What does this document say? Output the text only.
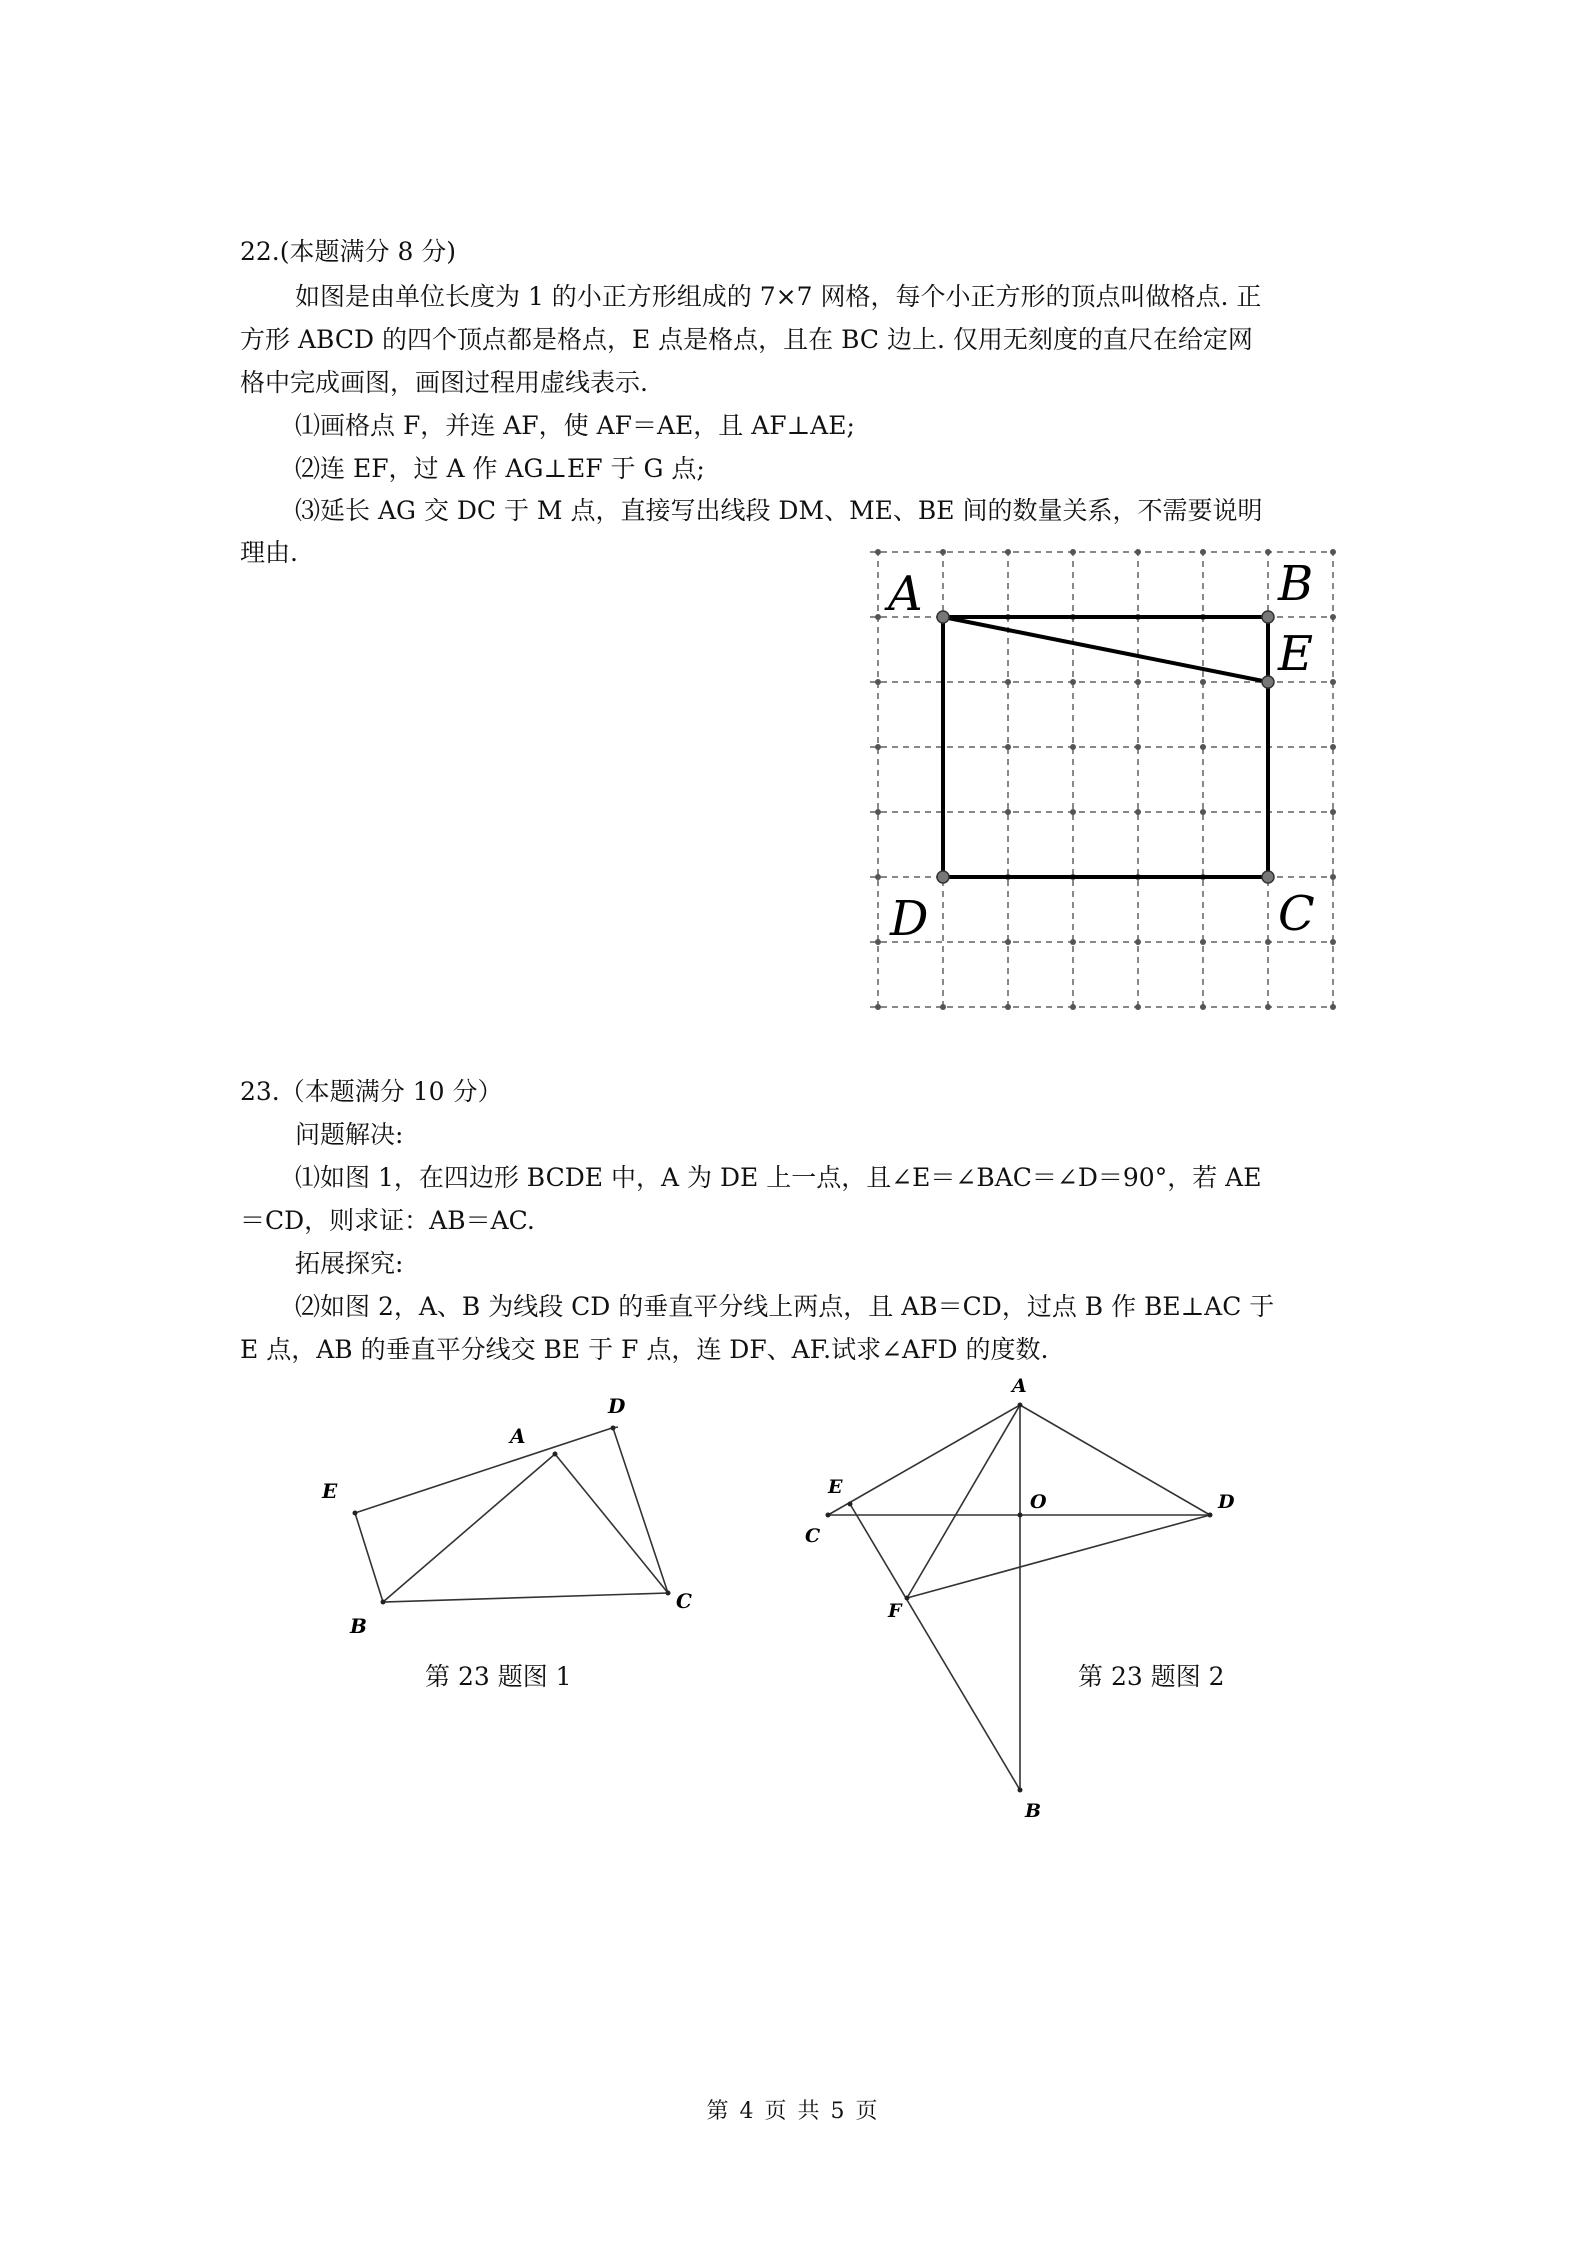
22.(本题满分 8 分)
如图是由单位长度为 1 的小正方形组成的 7×7 网格，每个小正方形的顶点叫做格点. 正
方形 ABCD 的四个顶点都是格点，E 点是格点，且在 BC 边上. 仅用无刻度的直尺在给定网
格中完成画图，画图过程用虚线表示.
⑴画格点 F，并连 AF，使 AF＝AE，且 AF⊥AE;
⑵连 EF，过 A 作 AG⊥EF 于 G 点;
⑶延长 AG 交 DC 于 M 点，直接写出线段 DM、ME、BE 间的数量关系，不需要说明
理由.
A	B
E
D	C
23.（本题满分 10 分）
问题解决:
⑴如图 1，在四边形 BCDE 中，A 为 DE 上一点，且∠E＝∠BAC＝∠D＝90°，若 AE
＝CD，则求证：AB＝AC.
拓展探究:
⑵如图 2，A、B 为线段 CD 的垂直平分线上两点，且 AB＝CD，过点 B 作 BE⊥AC 于
E 点，AB 的垂直平分线交 BE 于 F 点，连 DF、AF.试求∠AFD 的度数.
E
A
D
B
C
第 23 题图 1
A
E
C
O	D
F
B
第 23 题图 2
第 4 页 共 5 页
